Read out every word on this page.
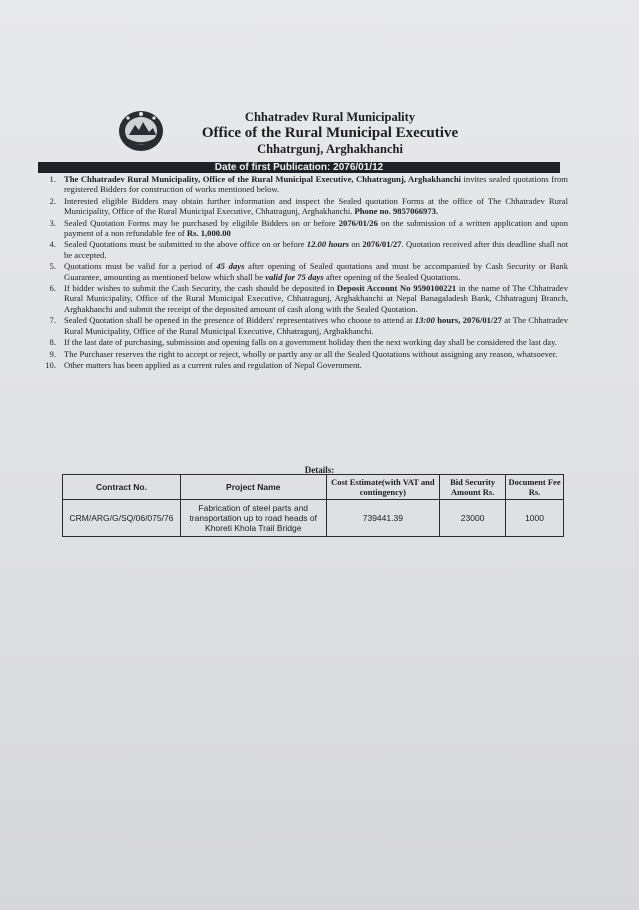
Chhatradev Rural Municipality
Office of the Rural Municipal Executive
Chhatrgunj, Arghakhanchi
Date of first Publication: 2076/01/12
1. The Chhatradev Rural Municipality, Office of the Rural Municipal Executive, Chhatragunj, Arghakhanchi invites sealed quotations from registered Bidders for construction of works mentioned below.
2. Interested eligible Bidders may obtain further information and inspect the Sealed quotation Forms at the office of The Chhatradev Rural Municipality, Office of the Rural Municipal Executive, Chhatragunj, Arghakhanchi. Phone no. 9857066973.
3. Sealed Quotation Forms may be purchased by eligible Bidders on or before 2076/01/26 on the submission of a written application and upon payment of a non refundable fee of Rs. 1,000.00
4. Sealed Quotations must be submitted to the above office on or before 12.00 hours on 2076/01/27. Quotation received after this deadline shall not be accepted.
5. Quotations must be valid for a period of 45 days after opening of Sealed quotations and must be accompanied by Cash Security or Bank Guarantee, amounting as mentioned below which shall be valid for 75 days after opening of the Sealed Quotations.
6. If bidder wishes to submit the Cash Security, the cash should be deposited in Deposit Account No 9590100221 in the name of The Chhatradev Rural Municipality, Office of the Rural Municipal Executive, Chhatragunj, Arghakhanchi at Nepal Banagaladesh Bank, Chhatragunj Branch, Arghakhanchi and submit the receipt of the deposited amount of cash along with the Sealed Quotation.
7. Sealed Quotation shall be opened in the presence of Bidders' representatives who choose to attend at 13:00 hours, 2076/01/27 at The Chhatradev Rural Municipality, Office of the Rural Municipal Executive, Chhatragunj, Arghakhanchi.
8. If the last date of purchasing, submission and opening falls on a government holiday then the next working day shall be considered the last day.
9. The Purchaser reserves the right to accept or reject, wholly or partly any or all the Sealed Quotations without assigning any reason, whatsoever.
10. Other matters has been applied as a current rules and regulation of Nepal Government.
Details:
Contract No.	Project Name	Cost Estimate(with VAT and contingency)	Bid Security Amount Rs.	Document Fee Rs.
CRM/ARG/G/SQ/06/075/76	Fabrication of steel parts and transportation up to road heads of Khoreti Khola Trail Bridge	739441.39	23000	1000
